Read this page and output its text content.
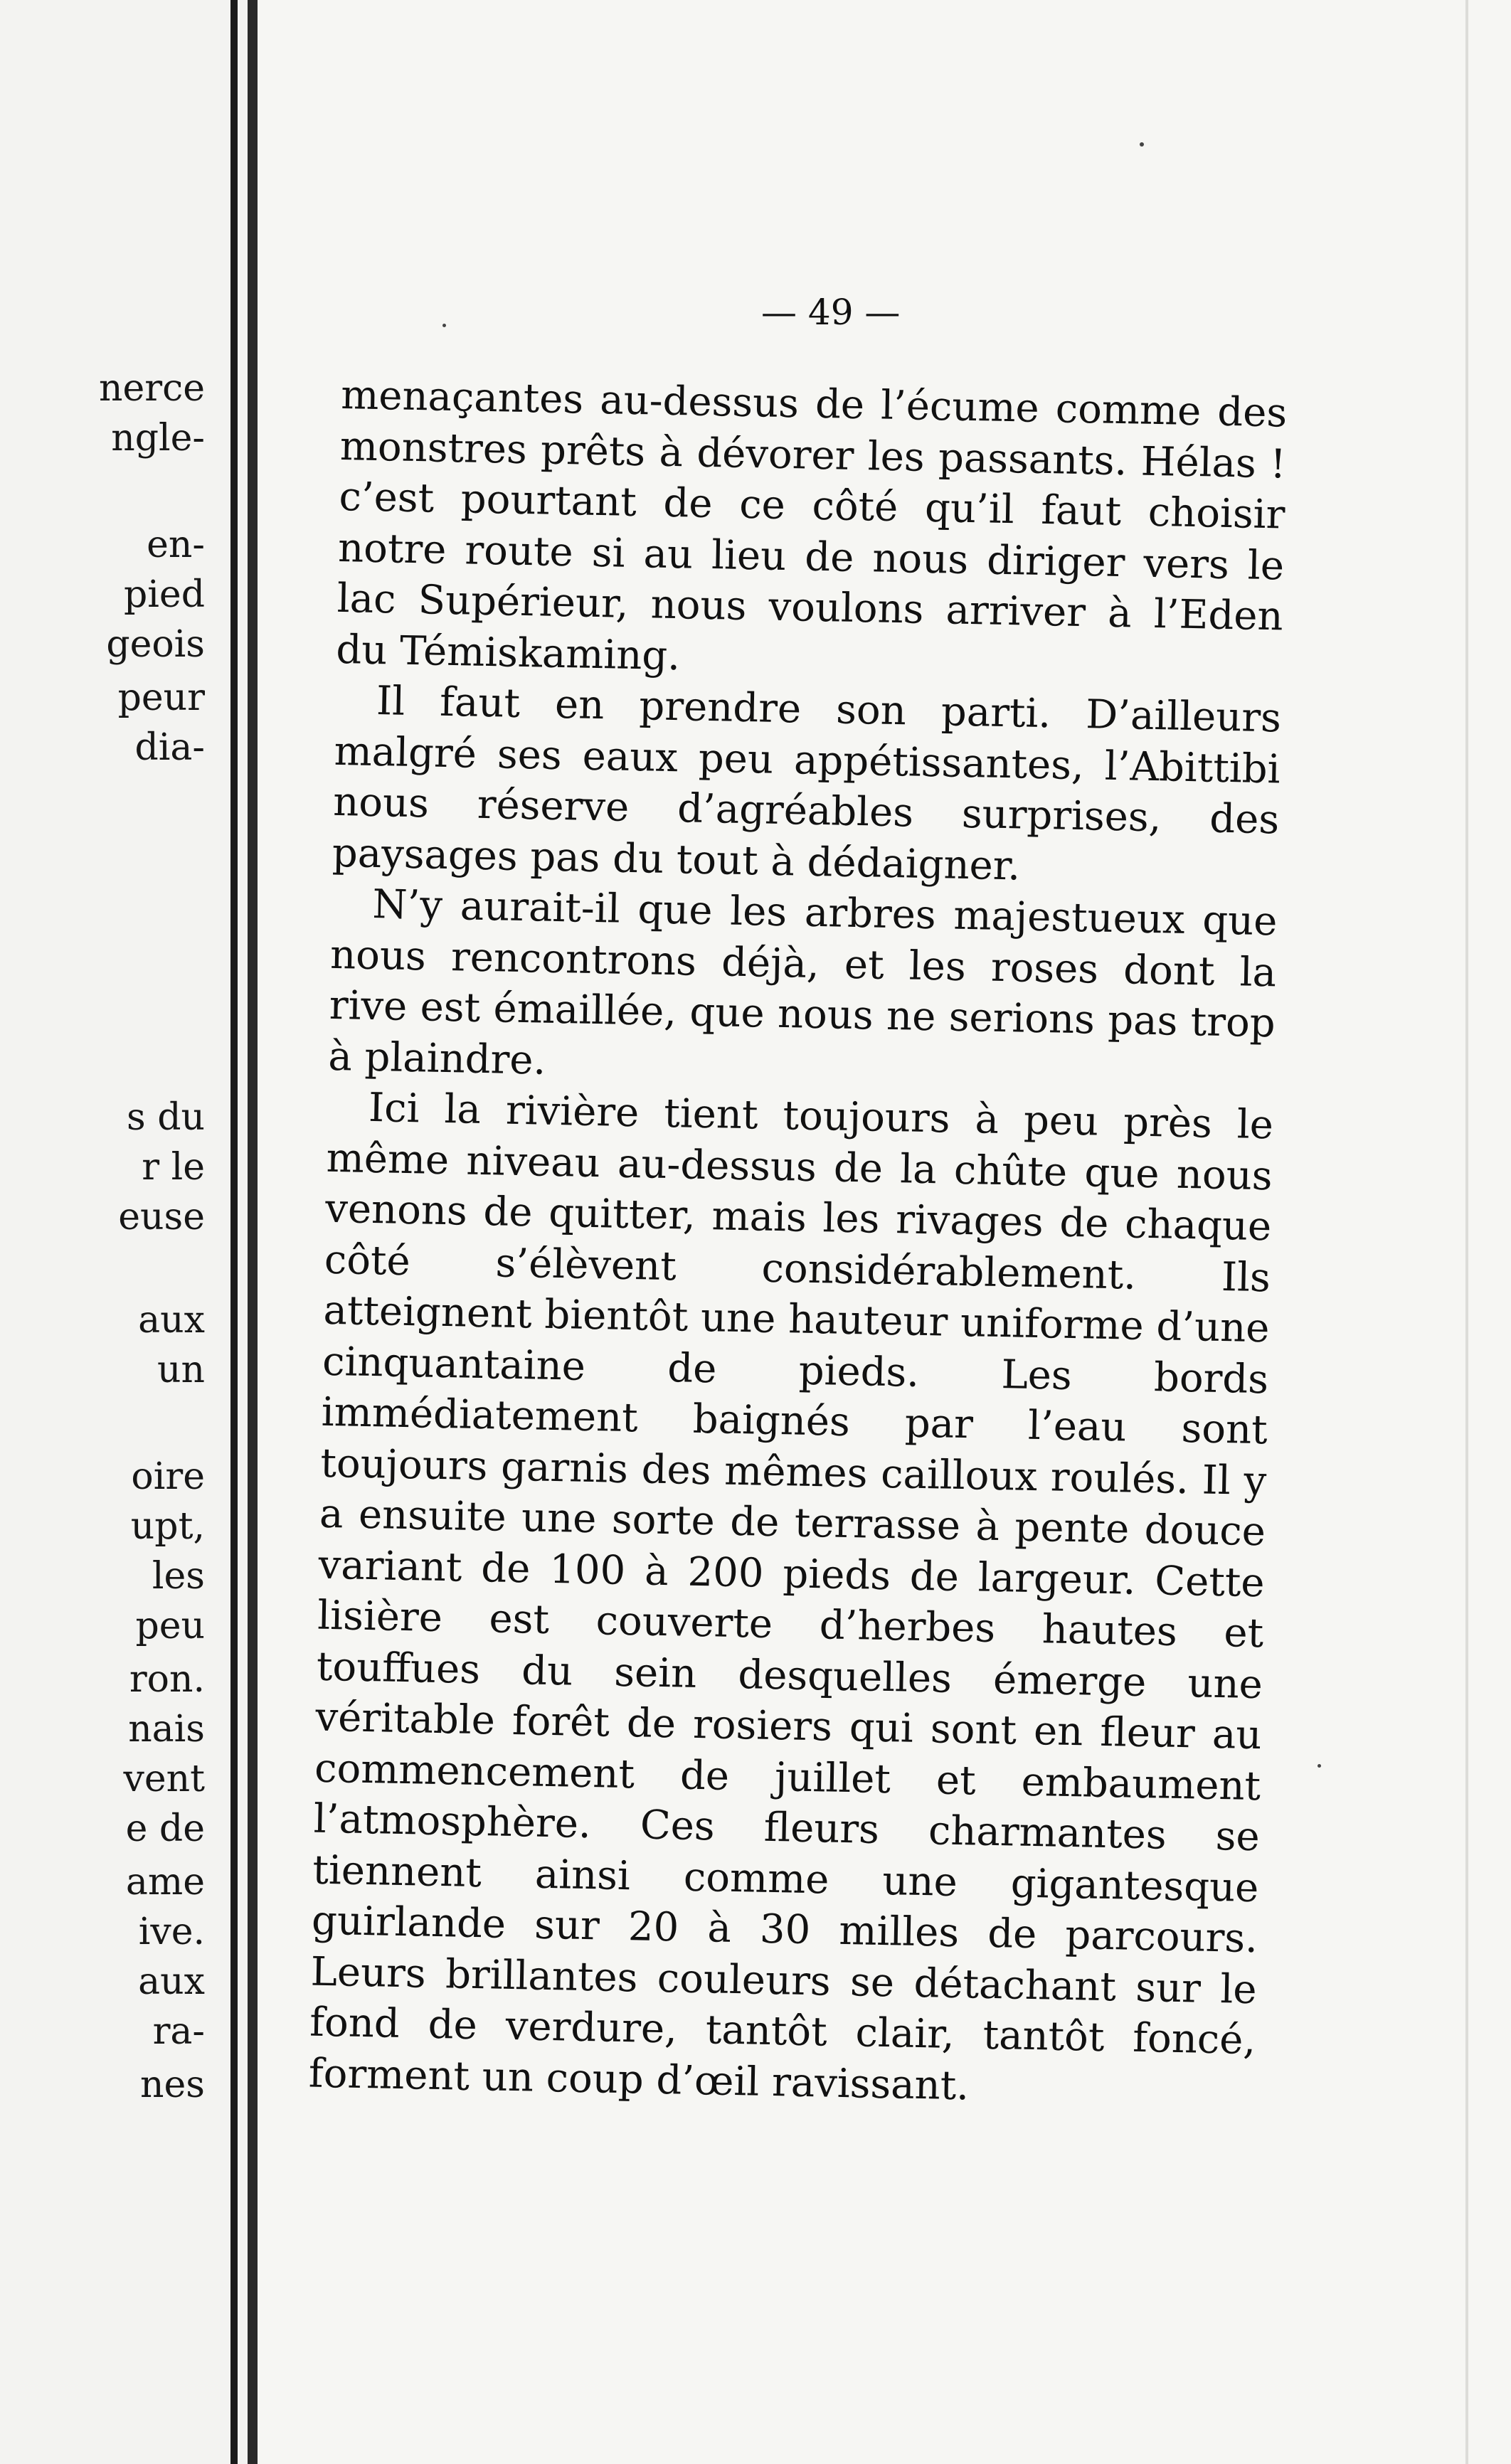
nerce
ngle-
en-
pied
geois
peur
dia-
s du
r le
euse
aux
un
oire
upt,
les
peu
ron.
nais
vent
e de
ame
ive.
aux
ra-
nes
— 49 —

menaçantes au-dessus de l’écume comme des monstres prêts à dévorer les passants. Hélas ! c’est pourtant de ce côté qu’il faut choisir notre route si au lieu de nous diriger vers le lac Supérieur, nous voulons arriver à l’Eden du Témiskaming.

Il faut en prendre son parti. D’ailleurs malgré ses eaux peu appétissantes, l’Abittibi nous réserve d’agréables surprises, des paysages pas du tout à dédaigner.

N’y aurait-il que les arbres majestueux que nous rencontrons déjà, et les roses dont la rive est émaillée, que nous ne serions pas trop à plaindre.

Ici la rivière tient toujours à peu près le même niveau au-dessus de la chûte que nous venons de quitter, mais les rivages de chaque côté s’élèvent considérablement. Ils atteignent bientôt une hauteur uniforme d’une cinquantaine de pieds. Les bords immédiatement baignés par l’eau sont toujours garnis des mêmes cailloux roulés. Il y a ensuite une sorte de terrasse à pente douce variant de 100 à 200 pieds de largeur. Cette lisière est couverte d’herbes hautes et touffues du sein desquelles émerge une véritable forêt de rosiers qui sont en fleur au commencement de juillet et embaument l’atmosphère. Ces fleurs charmantes se tiennent ainsi comme une gigantesque guirlande sur 20 à 30 milles de parcours. Leurs brillantes couleurs se détachant sur le fond de verdure, tantôt clair, tantôt foncé, forment un coup d’œil ravissant.
